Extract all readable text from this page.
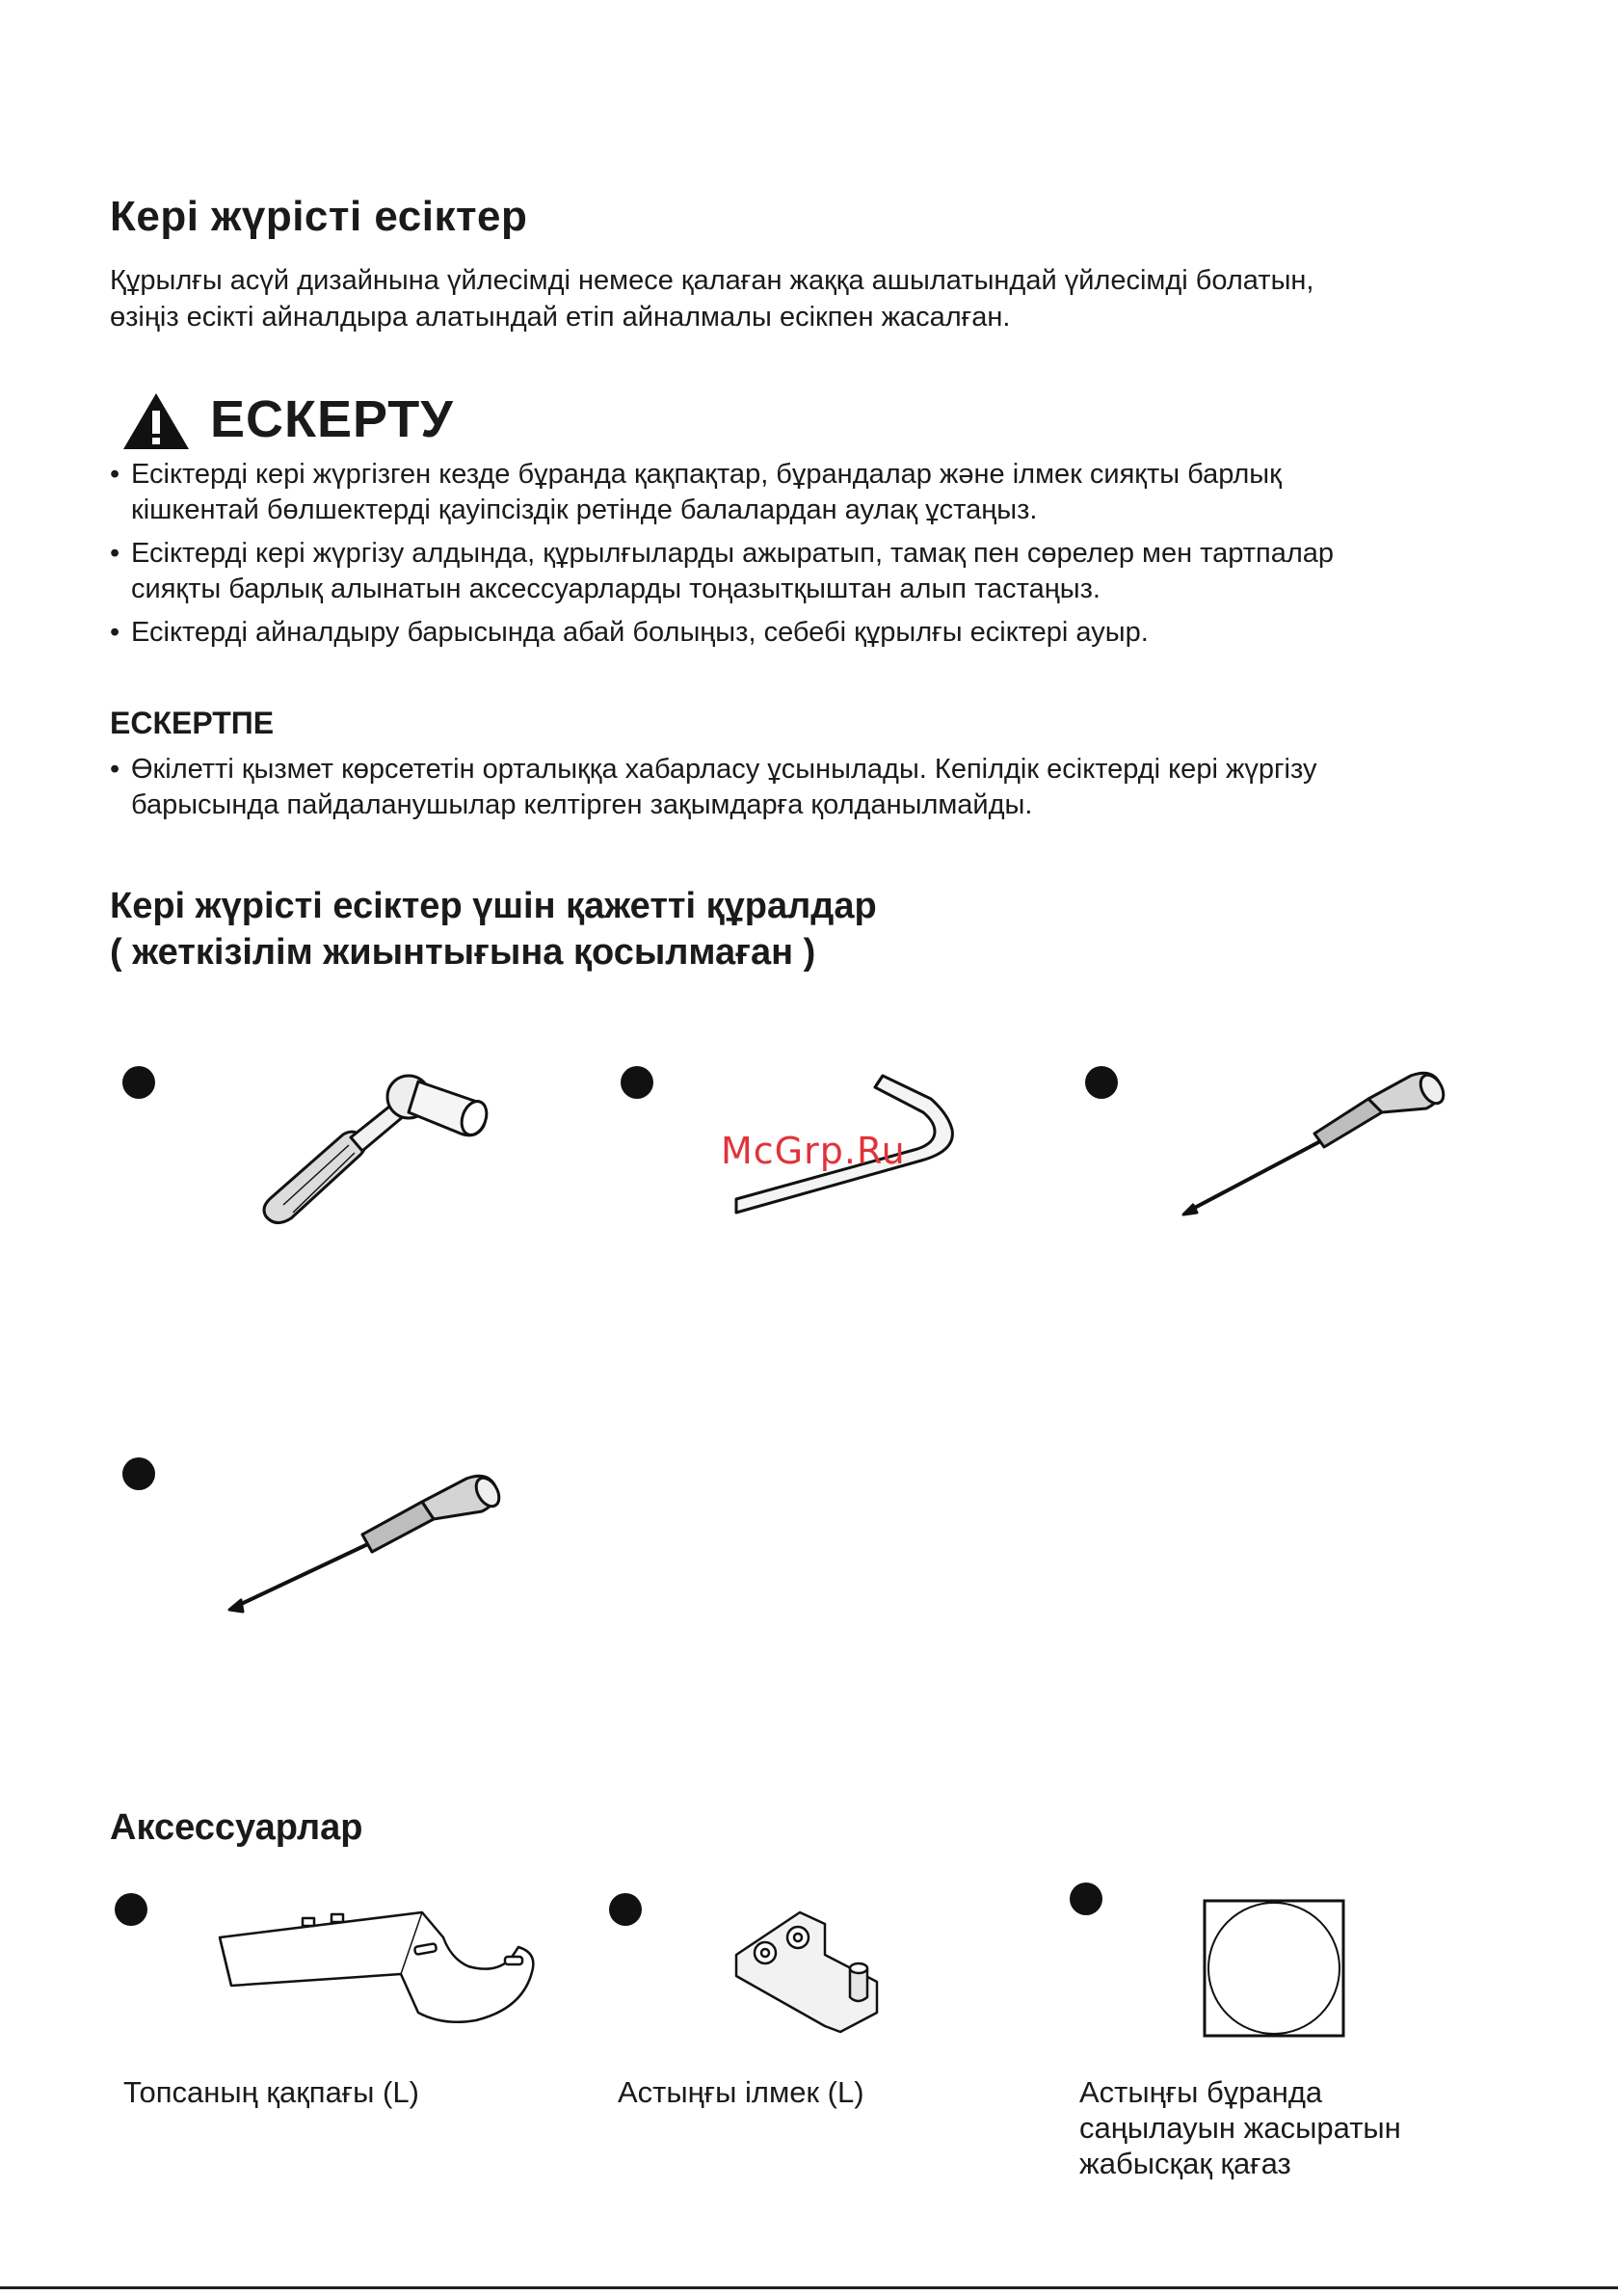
Кері жүрісті есіктер
Құрылғы асүй дизайнына үйлесімді немесе қалаған жаққа ашылатындай үйлесімді болатын,
өзіңіз есікті айналдыра алатындай етіп айналмалы есікпен жасалған.
ЕСКЕРТУ
• Есіктерді кері жүргізген кезде бұранда қақпақтар, бұрандалар және ілмек сияқты барлық
кішкентай бөлшектерді қауіпсіздік ретінде балалардан аулақ ұстаңыз.
• Есіктерді кері жүргізу алдында, құрылғыларды ажыратып, тамақ пен сөрелер мен тартпалар
сияқты барлық алынатын аксессуарларды тоңазытқыштан алып тастаңыз.
• Есіктерді айналдыру барысында абай болыңыз, себебі құрылғы есіктері ауыр.
ЕСКЕРТПЕ
• Өкілетті қызмет көрсететін орталыққа хабарласу ұсынылады. Кепілдік есіктерді кері жүргізу
барысында пайдаланушылар келтірген зақымдарға қолданылмайды.
Кері жүрісті есіктер үшін қажетті құралдар
( жеткізілім жиынтығына қосылмаған )
McGrp.Ru
Аксессуарлар
Топсаның қақпағы (L)	Астыңғы ілмек (L)	Астыңғы бұранда
саңылауын жасыратын
жабысқақ қағаз
